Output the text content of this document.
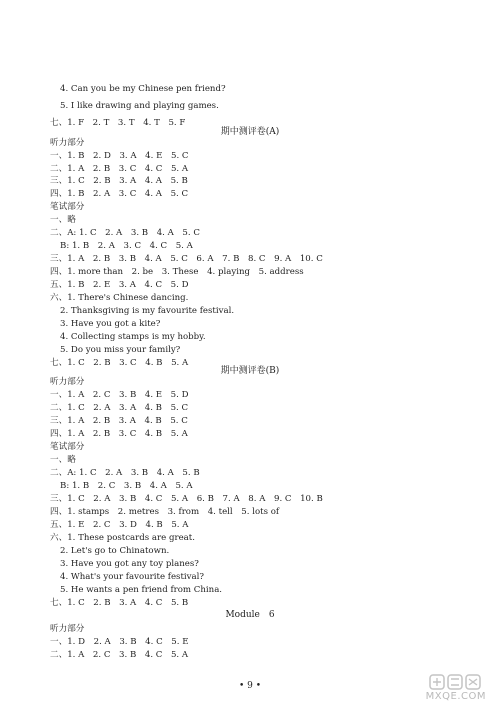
4. Can you be my Chinese pen friend?
5. I like drawing and playing games.
七、1. F　2. T　3. T　4. T　5. F
期中测评卷(A)
听力部分
一、1. B　2. D　3. A　4. E　5. C
二、1. A　2. B　3. C　4. C　5. A
三、1. C　2. B　3. A　4. A　5. B
四、1. B　2. A　3. C　4. A　5. C
笔试部分
一、略
二、A: 1. C　2. A　3. B　4. A　5. C
B: 1. B　2. A　3. C　4. C　5. A
三、1. A　2. B　3. B　4. A　5. C　6. A　7. B　8. C　9. A　10. C
四、1. more than　2. be　3. These　4. playing　5. address
五、1. B　2. E　3. A　4. C　5. D
六、1. There's Chinese dancing.
2. Thanksgiving is my favourite festival.
3. Have you got a kite?
4. Collecting stamps is my hobby.
5. Do you miss your family?
七、1. C　2. B　3. C　4. B　5. A
期中测评卷(B)
听力部分
一、1. A　2. C　3. B　4. E　5. D
二、1. C　2. A　3. A　4. B　5. C
三、1. A　2. B　3. A　4. B　5. C
四、1. A　2. B　3. C　4. B　5. A
笔试部分
一、略
二、A: 1. C　2. A　3. B　4. A　5. B
B: 1. B　2. C　3. B　4. A　5. A
三、1. C　2. A　3. B　4. C　5. A　6. B　7. A　8. A　9. C　10. B
四、1. stamps　2. metres　3. from　4. tell　5. lots of
五、1. E　2. C　3. D　4. B　5. A
六、1. These postcards are great.
2. Let's go to Chinatown.
3. Have you got any toy planes?
4. What's your favourite festival?
5. He wants a pen friend from China.
七、1. C　2. B　3. A　4. C　5. B
Module　6
听力部分
一、1. D　2. A　3. B　4. C　5. E
二、1. A　2. C　3. B　4. C　5. A
• 9 •
MXQE.COM
